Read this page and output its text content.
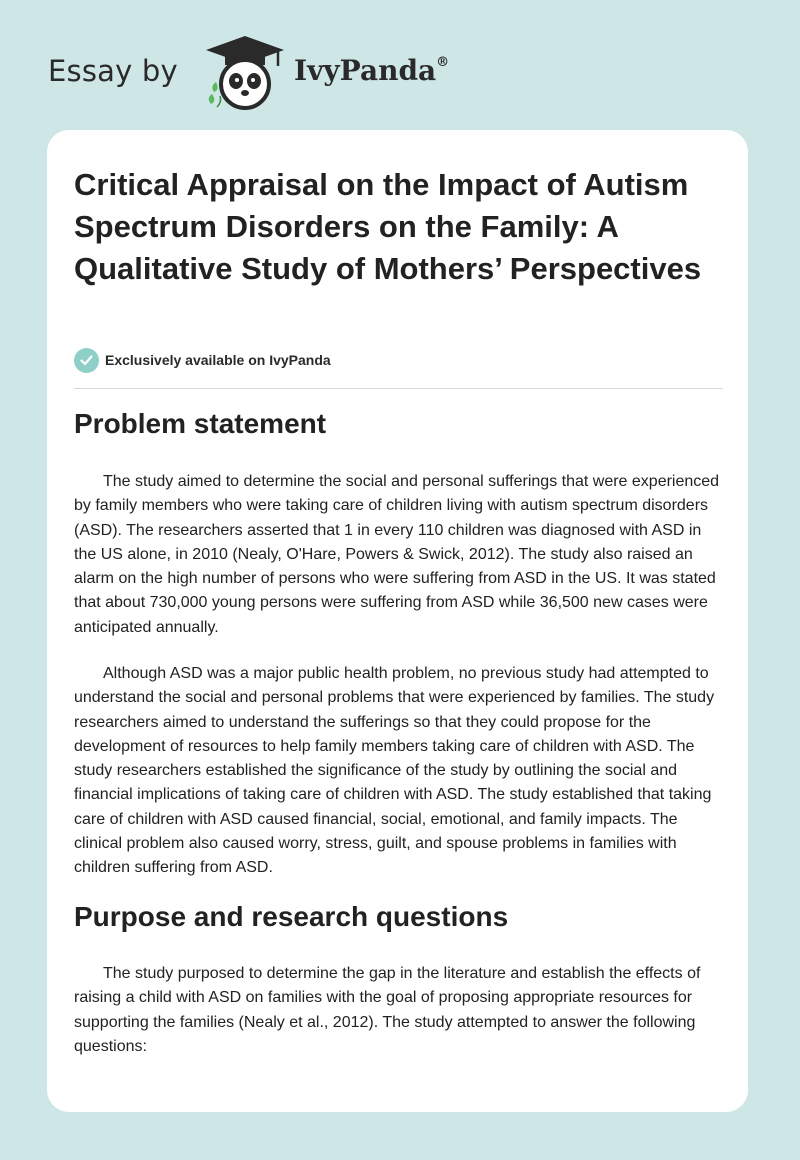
Essay by	IvyPanda®
Critical Appraisal on the Impact of Autism Spectrum Disorders on the Family: A Qualitative Study of Mothers’ Perspectives
Exclusively available on IvyPanda
Problem statement

The study aimed to determine the social and personal sufferings that were experienced by family members who were taking care of children living with autism spectrum disorders (ASD). The researchers asserted that 1 in every 110 children was diagnosed with ASD in the US alone, in 2010 (Nealy, O'Hare, Powers & Swick, 2012). The study also raised an alarm on the high number of persons who were suffering from ASD in the US. It was stated that about 730,000 young persons were suffering from ASD while 36,500 new cases were anticipated annually.

Although ASD was a major public health problem, no previous study had attempted to understand the social and personal problems that were experienced by families. The study researchers aimed to understand the sufferings so that they could propose for the development of resources to help family members taking care of children with ASD. The study researchers established the significance of the study by outlining the social and financial implications of taking care of children with ASD. The study established that taking care of children with ASD caused financial, social, emotional, and family impacts. The clinical problem also caused worry, stress, guilt, and spouse problems in families with children suffering from ASD.

Purpose and research questions

The study purposed to determine the gap in the literature and establish the effects of raising a child with ASD on families with the goal of proposing appropriate resources for supporting the families (Nealy et al., 2012). The study attempted to answer the following questions:
